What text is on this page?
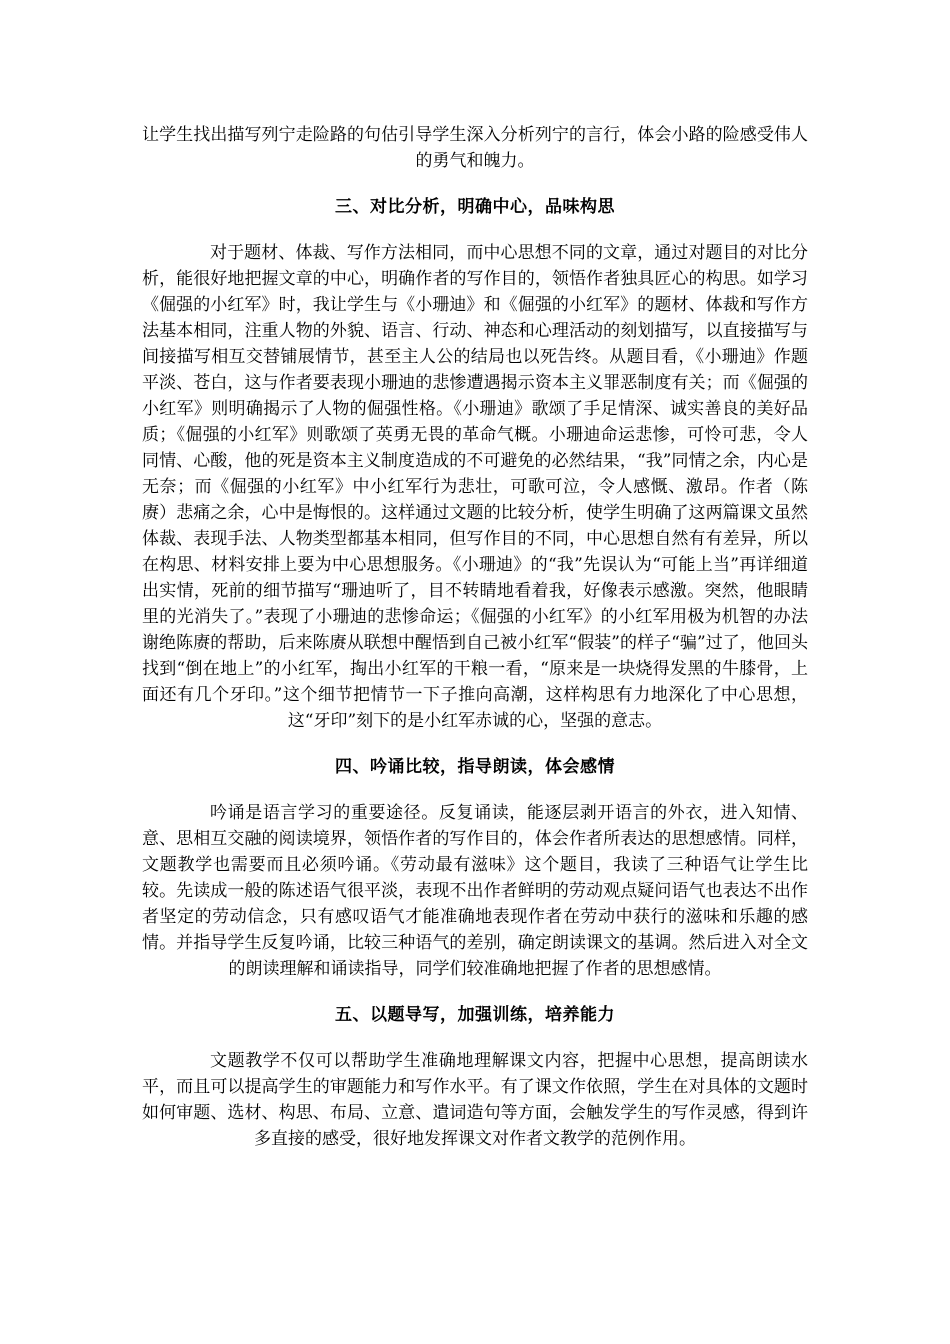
让学生找出描写列宁走险路的句估引导学生深入分析列宁的言行，体会小路的险感受伟人的勇气和魄力。

三、对比分析，明确中心，品味构思

对于题材、体裁、写作方法相同，而中心思想不同的文章，通过对题目的对比分析，能很好地把握文章的中心，明确作者的写作目的，领悟作者独具匠心的构思。如学习《倔强的小红军》时，我让学生与《小珊迪》和《倔强的小红军》的题材、体裁和写作方法基本相同，注重人物的外貌、语言、行动、神态和心理活动的刻划描写，以直接描写与间接描写相互交替铺展情节，甚至主人公的结局也以死告终。从题目看，《小珊迪》作题平淡、苍白，这与作者要表现小珊迪的悲惨遭遇揭示资本主义罪恶制度有关；而《倔强的小红军》则明确揭示了人物的倔强性格。《小珊迪》歌颂了手足情深、诚实善良的美好品质；《倔强的小红军》则歌颂了英勇无畏的革命气概。小珊迪命运悲惨，可怜可悲，令人同情、心酸，他的死是资本主义制度造成的不可避免的必然结果，“我”同情之余，内心是无奈；而《倔强的小红军》中小红军行为悲壮，可歌可泣，令人感慨、激昂。作者（陈赓）悲痛之余，心中是悔恨的。这样通过文题的比较分析，使学生明确了这两篇课文虽然体裁、表现手法、人物类型都基本相同，但写作目的不同，中心思想自然有有差异，所以在构思、材料安排上要为中心思想服务。《小珊迪》的“我”先误认为“可能上当”再详细道出实情，死前的细节描写“珊迪听了，目不转睛地看着我，好像表示感激。突然，他眼睛里的光消失了。”表现了小珊迪的悲惨命运；《倔强的小红军》的小红军用极为机智的办法谢绝陈赓的帮助，后来陈赓从联想中醒悟到自己被小红军“假装”的样子“骗”过了，他回头找到“倒在地上”的小红军，掏出小红军的干粮一看，“原来是一块烧得发黑的牛膝骨，上面还有几个牙印。”这个细节把情节一下子推向高潮，这样构思有力地深化了中心思想，这“牙印”刻下的是小红军赤诚的心，坚强的意志。

四、吟诵比较，指导朗读，体会感情

吟诵是语言学习的重要途径。反复诵读，能逐层剥开语言的外衣，进入知情、意、思相互交融的阅读境界，领悟作者的写作目的，体会作者所表达的思想感情。同样，文题教学也需要而且必须吟诵。《劳动最有滋味》这个题目，我读了三种语气让学生比较。先读成一般的陈述语气很平淡，表现不出作者鲜明的劳动观点疑问语气也表达不出作者坚定的劳动信念，只有感叹语气才能准确地表现作者在劳动中获行的滋味和乐趣的感情。并指导学生反复吟诵，比较三种语气的差别，确定朗读课文的基调。然后进入对全文的朗读理解和诵读指导，同学们较准确地把握了作者的思想感情。

五、以题导写，加强训练，培养能力

文题教学不仅可以帮助学生准确地理解课文内容，把握中心思想，提高朗读水平，而且可以提高学生的审题能力和写作水平。有了课文作依照，学生在对具体的文题时如何审题、选材、构思、布局、立意、遣词造句等方面，会触发学生的写作灵感，得到许多直接的感受，很好地发挥课文对作者文教学的范例作用。
